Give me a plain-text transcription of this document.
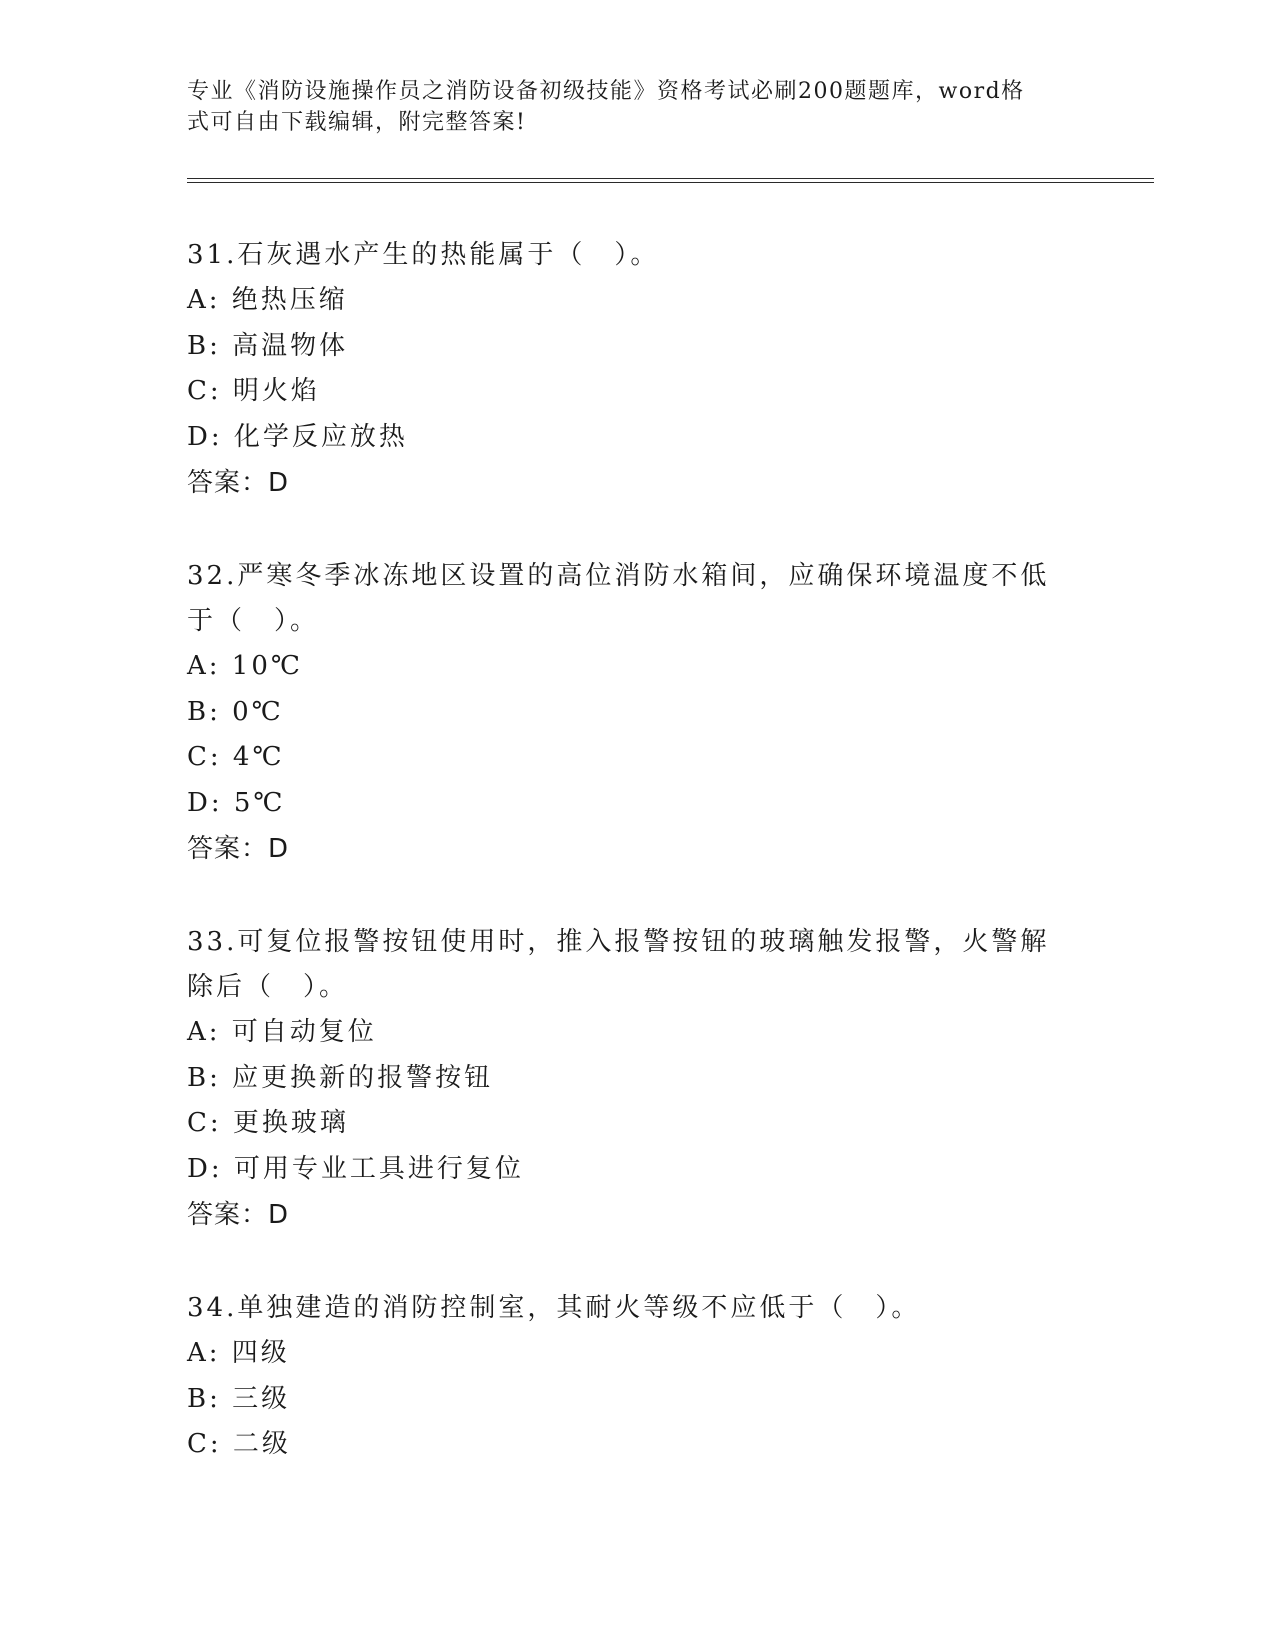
专业《消防设施操作员之消防设备初级技能》资格考试必刷200题题库，word格
式可自由下载编辑，附完整答案!

31.石灰遇水产生的热能属于（　）。

A: 绝热压缩

B: 高温物体

C: 明火焰

D: 化学反应放热

答案：D

32.严寒冬季冰冻地区设置的高位消防水箱间，应确保环境温度不低于（　）。

A: 10℃

B: 0℃

C: 4℃

D: 5℃

答案：D

33.可复位报警按钮使用时，推入报警按钮的玻璃触发报警，火警解除后（　）。

A: 可自动复位

B: 应更换新的报警按钮

C: 更换玻璃

D: 可用专业工具进行复位

答案：D

34.单独建造的消防控制室，其耐火等级不应低于（　）。

A: 四级

B: 三级

C: 二级
